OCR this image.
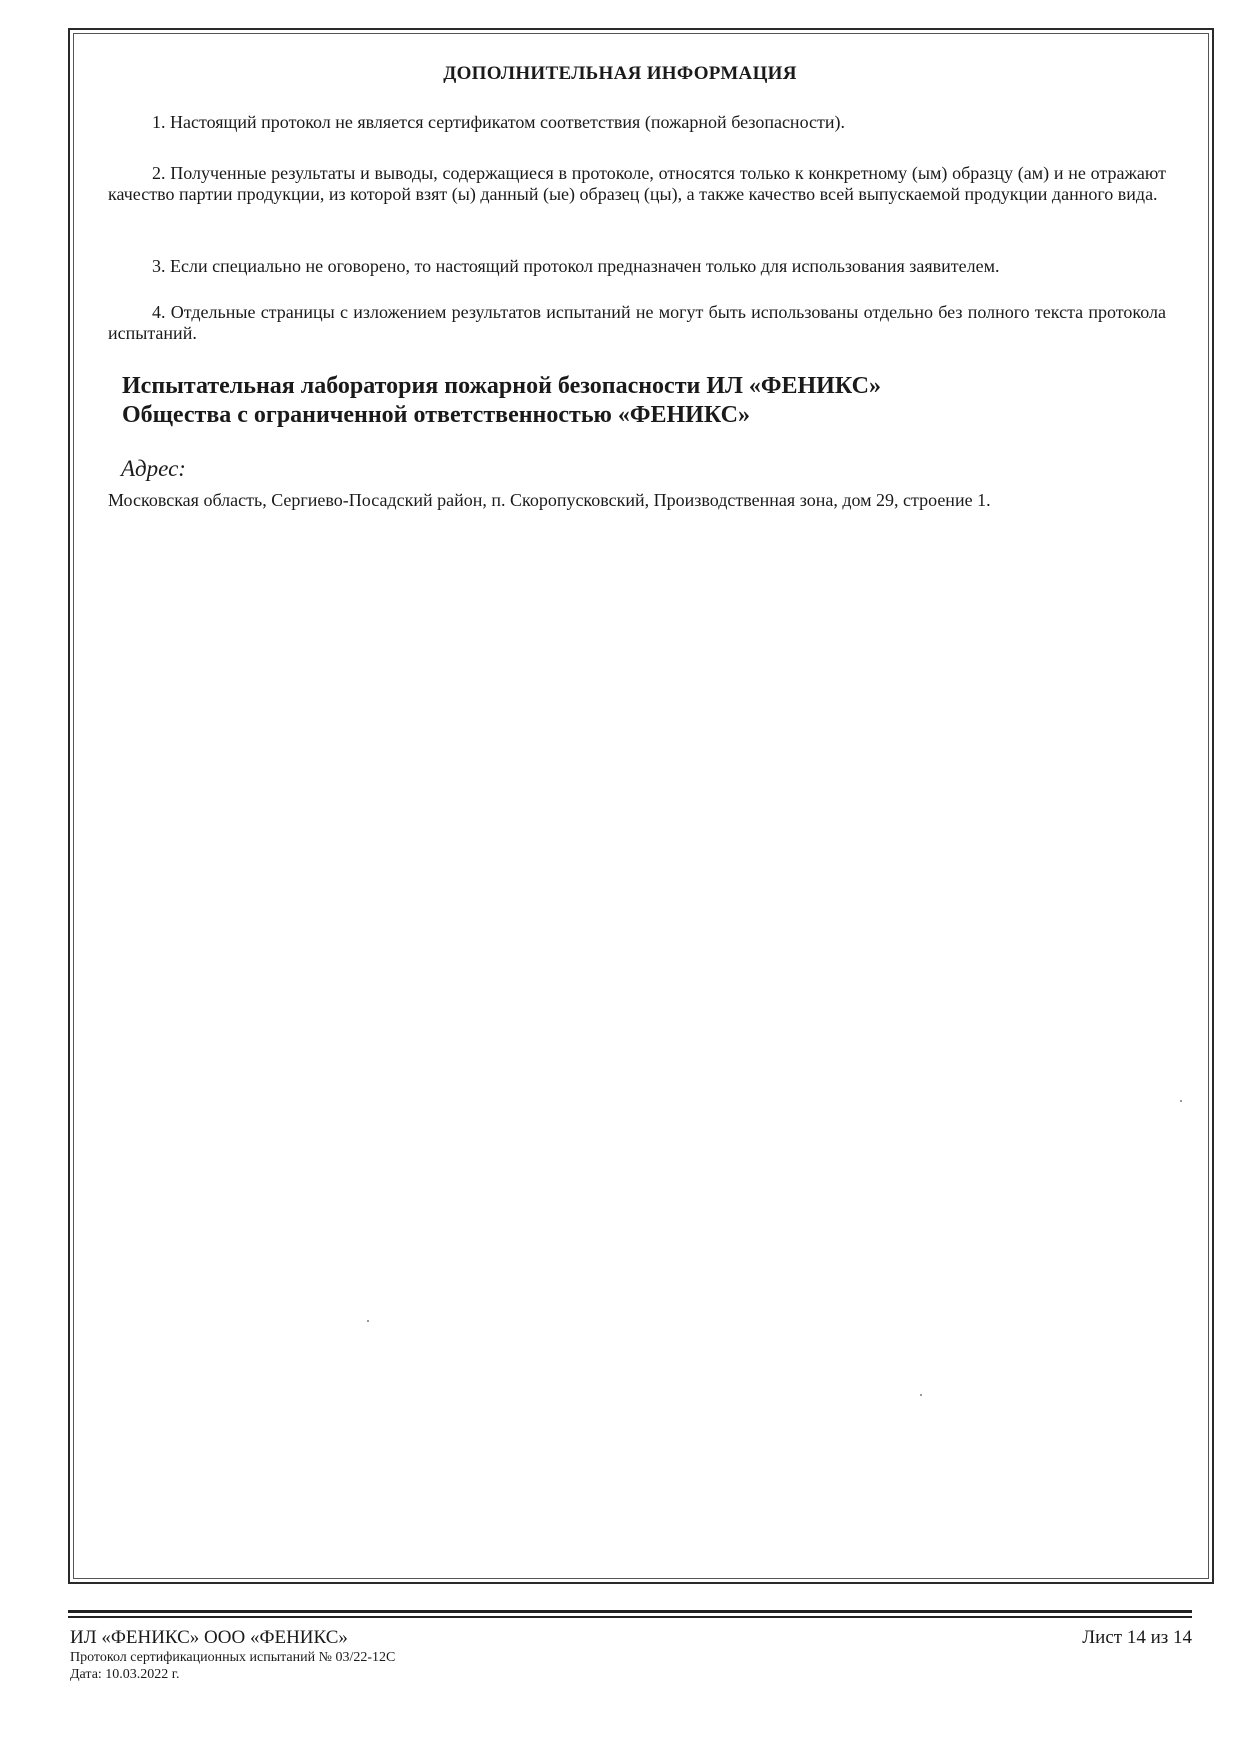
ДОПОЛНИТЕЛЬНАЯ ИНФОРМАЦИЯ
1. Настоящий протокол не является сертификатом соответствия (пожарной безопасности).
2. Полученные результаты и выводы, содержащиеся в протоколе, относятся только к конкретному (ым) образцу (ам) и не отражают качество партии продукции, из которой взят (ы) данный (ые) образец (цы), а также качество всей выпускаемой продукции данного вида.
3. Если специально не оговорено, то настоящий протокол предназначен только для использования заявителем.
4. Отдельные страницы с изложением результатов испытаний не могут быть использованы отдельно без полного текста протокола испытаний.
Испытательная лаборатория пожарной безопасности ИЛ «ФЕНИКС»
Общества с ограниченной ответственностью «ФЕНИКС»
Адрес:
Московская область, Сергиево-Посадский район, п. Скоропусковский, Производственная зона, дом 29, строение 1.
ИЛ «ФЕНИКС» ООО «ФЕНИКС»
Протокол сертификационных испытаний № 03/22-12С
Дата: 10.03.2022 г.
Лист 14 из 14
